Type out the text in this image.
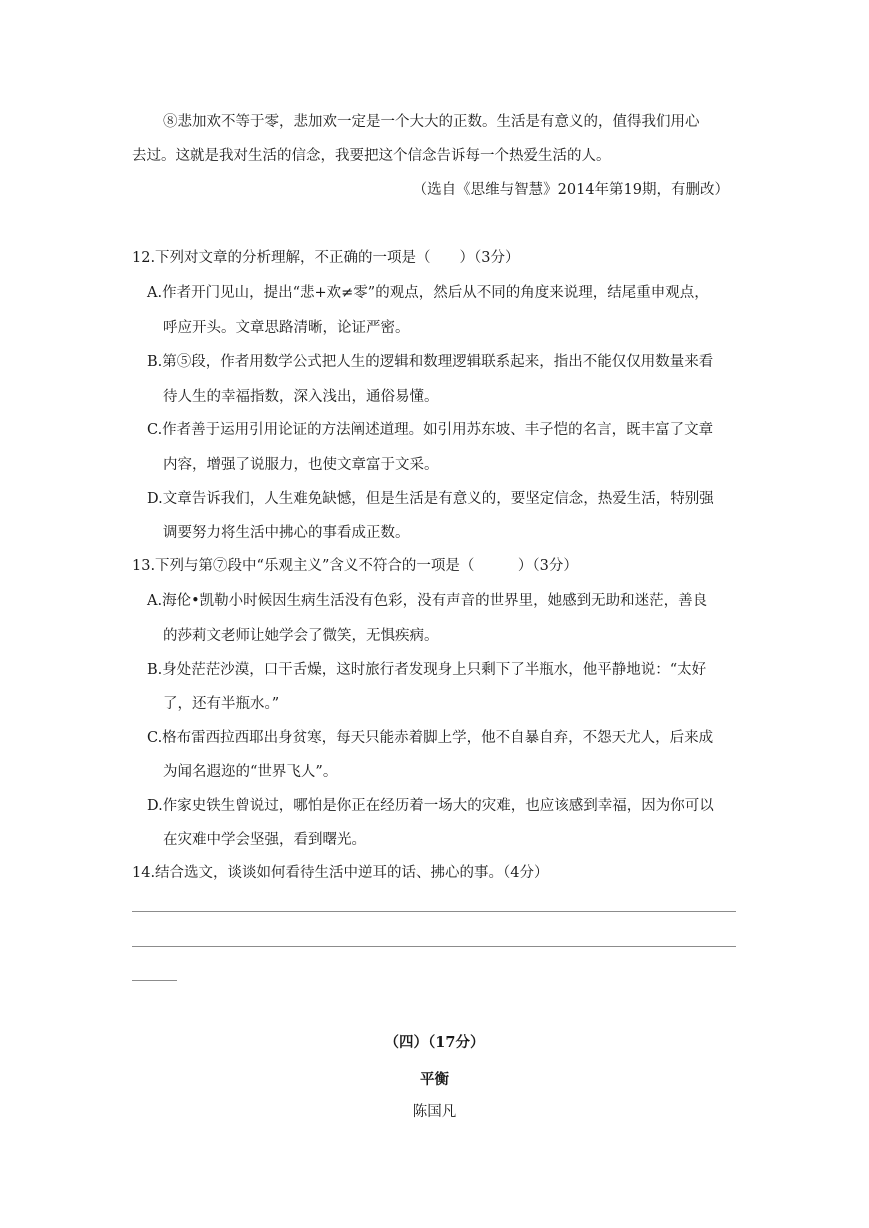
⑧悲加欢不等于零，悲加欢一定是一个大大的正数。生活是有意义的，值得我们用心
去过。这就是我对生活的信念，我要把这个信念告诉每一个热爱生活的人。
（选自《思维与智慧》2014年第19期，有删改）
12.下列对文章的分析理解，不正确的一项是（　　）（3分）
A.作者开门见山，提出“悲+欢≠零”的观点，然后从不同的角度来说理，结尾重申观点，
呼应开头。文章思路清晰，论证严密。
B.第⑤段，作者用数学公式把人生的逻辑和数理逻辑联系起来，指出不能仅仅用数量来看
待人生的幸福指数，深入浅出，通俗易懂。
C.作者善于运用引用论证的方法阐述道理。如引用苏东坡、丰子恺的名言，既丰富了文章
内容，增强了说服力，也使文章富于文采。
D.文章告诉我们，人生难免缺憾，但是生活是有意义的，要坚定信念，热爱生活，特别强
调要努力将生活中拂心的事看成正数。
13.下列与第⑦段中“乐观主义”含义不符合的一项是（　　　）（3分）
A.海伦•凯勒小时候因生病生活没有色彩，没有声音的世界里，她感到无助和迷茫，善良
的莎莉文老师让她学会了微笑，无惧疾病。
B.身处茫茫沙漠，口干舌燥，这时旅行者发现身上只剩下了半瓶水，他平静地说：“太好
了，还有半瓶水。”
C.格布雷西拉西耶出身贫寒，每天只能赤着脚上学，他不自暴自弃，不怨天尤人，后来成
为闻名遐迩的“世界飞人”。
D.作家史铁生曾说过，哪怕是你正在经历着一场大的灾难，也应该感到幸福，因为你可以
在灾难中学会坚强，看到曙光。
14.结合选文，谈谈如何看待生活中逆耳的话、拂心的事。（4分）
（四）（17分）
平衡
陈国凡
